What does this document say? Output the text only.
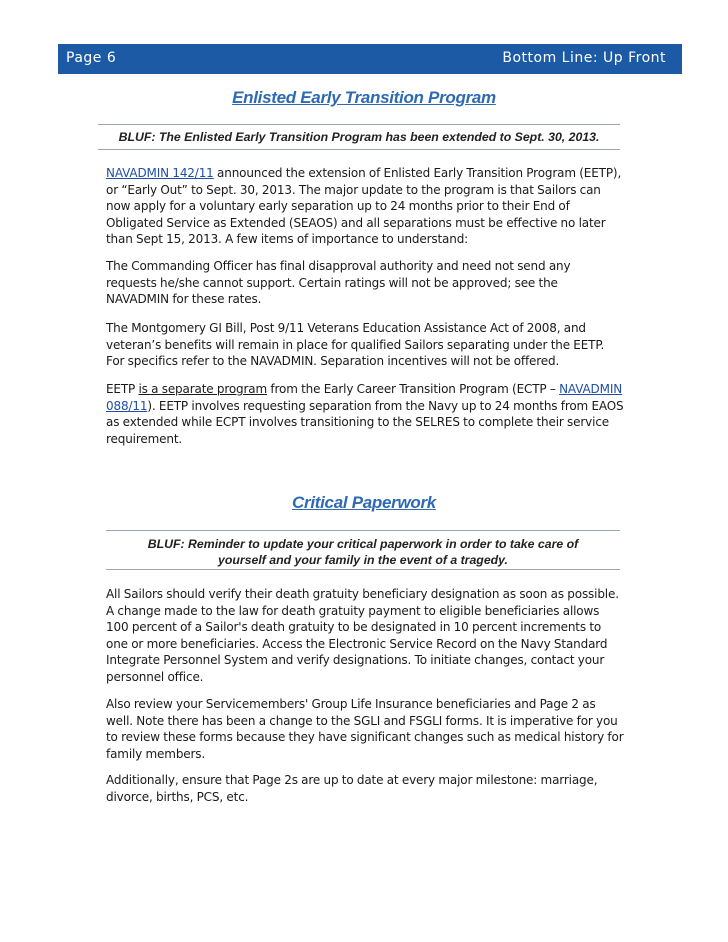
Page 6	Bottom Line: Up Front
Enlisted Early Transition Program
BLUF: The Enlisted Early Transition Program has been extended to Sept. 30, 2013.

NAVADMIN 142/11 announced the extension of Enlisted Early Transition Program (EETP), or “Early Out” to Sept. 30, 2013. The major update to the program is that Sailors can now apply for a voluntary early separation up to 24 months prior to their End of Obligated Service as Extended (SEAOS) and all separations must be effective no later than Sept 15, 2013. A few items of importance to understand:

The Commanding Officer has final disapproval authority and need not send any requests he/she cannot support. Certain ratings will not be approved; see the NAVADMIN for these rates.

The Montgomery GI Bill, Post 9/11 Veterans Education Assistance Act of 2008, and veteran’s benefits will remain in place for qualified Sailors separating under the EETP. For specifics refer to the NAVADMIN. Separation incentives will not be offered.

EETP is a separate program from the Early Career Transition Program (ECTP – NAVADMIN 088/11). EETP involves requesting separation from the Navy up to 24 months from EAOS as extended while ECPT involves transitioning to the SELRES to complete their service requirement.

Critical Paperwork
BLUF: Reminder to update your critical paperwork in order to take care of yourself and your family in the event of a tragedy.

All Sailors should verify their death gratuity beneficiary designation as soon as possible. A change made to the law for death gratuity payment to eligible beneficiaries allows 100 percent of a Sailor's death gratuity to be designated in 10 percent increments to one or more beneficiaries. Access the Electronic Service Record on the Navy Standard Integrate Personnel System and verify designations. To initiate changes, contact your personnel office.

Also review your Servicemembers' Group Life Insurance beneficiaries and Page 2 as well. Note there has been a change to the SGLI and FSGLI forms. It is imperative for you to review these forms because they have significant changes such as medical history for family members.

Additionally, ensure that Page 2s are up to date at every major milestone: marriage, divorce, births, PCS, etc.
